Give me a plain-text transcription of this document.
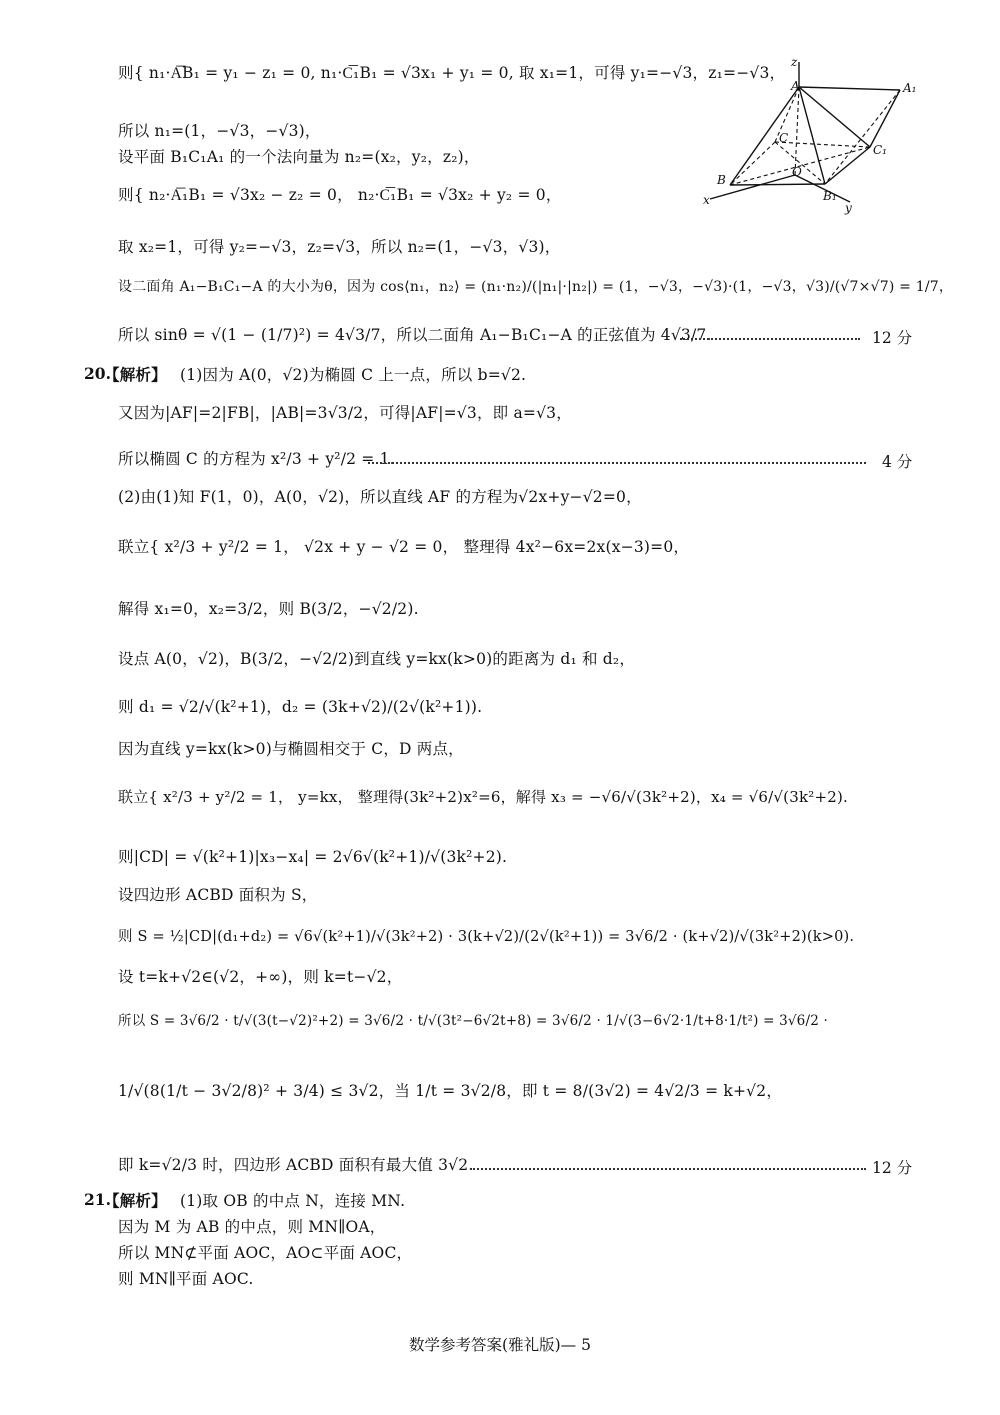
则{ n₁·A͞B₁ = y₁ − z₁ = 0, n₁·C͞₁B₁ = √3x₁ + y₁ = 0, 取 x₁=1，可得 y₁=−√3，z₁=−√3，
所以 n₁=(1，−√3，−√3)，
设平面 B₁C₁A₁ 的一个法向量为 n₂=(x₂，y₂，z₂)，
则{ n₂·A͞₁B₁ = √3x₂ − z₂ = 0， n₂·C͞₁B₁ = √3x₂ + y₂ = 0，
取 x₂=1，可得 y₂=−√3，z₂=√3，所以 n₂=(1，−√3，√3)，
设二面角 A₁−B₁C₁−A 的大小为θ，因为 cos⟨n₁，n₂⟩ = (n₁·n₂)/(|n₁|·|n₂|) = (1，−√3，−√3)·(1，−√3，√3)/(√7×√7) = 1/7，
所以 sinθ = √(1 − (1/7)²) = 4√3/7，所以二面角 A₁−B₁C₁−A 的正弦值为 4√3/7.	12 分
z
A	A₁
C
C₁
B
O
B₁
x
y
20.
【解析】 (1)因为 A(0，√2)为椭圆 C 上一点，所以 b=√2.
又因为|AF|=2|FB|，|AB|=3√3/2，可得|AF|=√3，即 a=√3，
所以椭圆 C 的方程为 x²/3 + y²/2 = 1.	4 分
(2)由(1)知 F(1，0)，A(0，√2)，所以直线 AF 的方程为√2x+y−√2=0，
联立{ x²/3 + y²/2 = 1， √2x + y − √2 = 0， 整理得 4x²−6x=2x(x−3)=0，
解得 x₁=0，x₂=3/2，则 B(3/2，−√2/2).
设点 A(0，√2)，B(3/2，−√2/2)到直线 y=kx(k>0)的距离为 d₁ 和 d₂，
则 d₁ = √2/√(k²+1)，d₂ = (3k+√2)/(2√(k²+1)).
因为直线 y=kx(k>0)与椭圆相交于 C，D 两点，
联立{ x²/3 + y²/2 = 1， y=kx， 整理得(3k²+2)x²=6，解得 x₃ = −√6/√(3k²+2)，x₄ = √6/√(3k²+2).
则|CD| = √(k²+1)|x₃−x₄| = 2√6√(k²+1)/√(3k²+2).
设四边形 ACBD 面积为 S，
则 S = ½|CD|(d₁+d₂) = √6√(k²+1)/√(3k²+2) · 3(k+√2)/(2√(k²+1)) = 3√6/2 · (k+√2)/√(3k²+2)(k>0).
设 t=k+√2∈(√2，+∞)，则 k=t−√2，
所以 S = 3√6/2 · t/√(3(t−√2)²+2) = 3√6/2 · t/√(3t²−6√2t+8) = 3√6/2 · 1/√(3−6√2·1/t+8·1/t²) = 3√6/2 ·
1/√(8(1/t − 3√2/8)² + 3/4) ≤ 3√2，当 1/t = 3√2/8，即 t = 8/(3√2) = 4√2/3 = k+√2，
即 k=√2/3 时，四边形 ACBD 面积有最大值 3√2.	12 分
21.
【解析】 (1)取 OB 的中点 N，连接 MN.
因为 M 为 AB 的中点，则 MN∥OA，
所以 MN⊄平面 AOC，AO⊂平面 AOC，
则 MN∥平面 AOC.
数学参考答案(雅礼版)— 5
